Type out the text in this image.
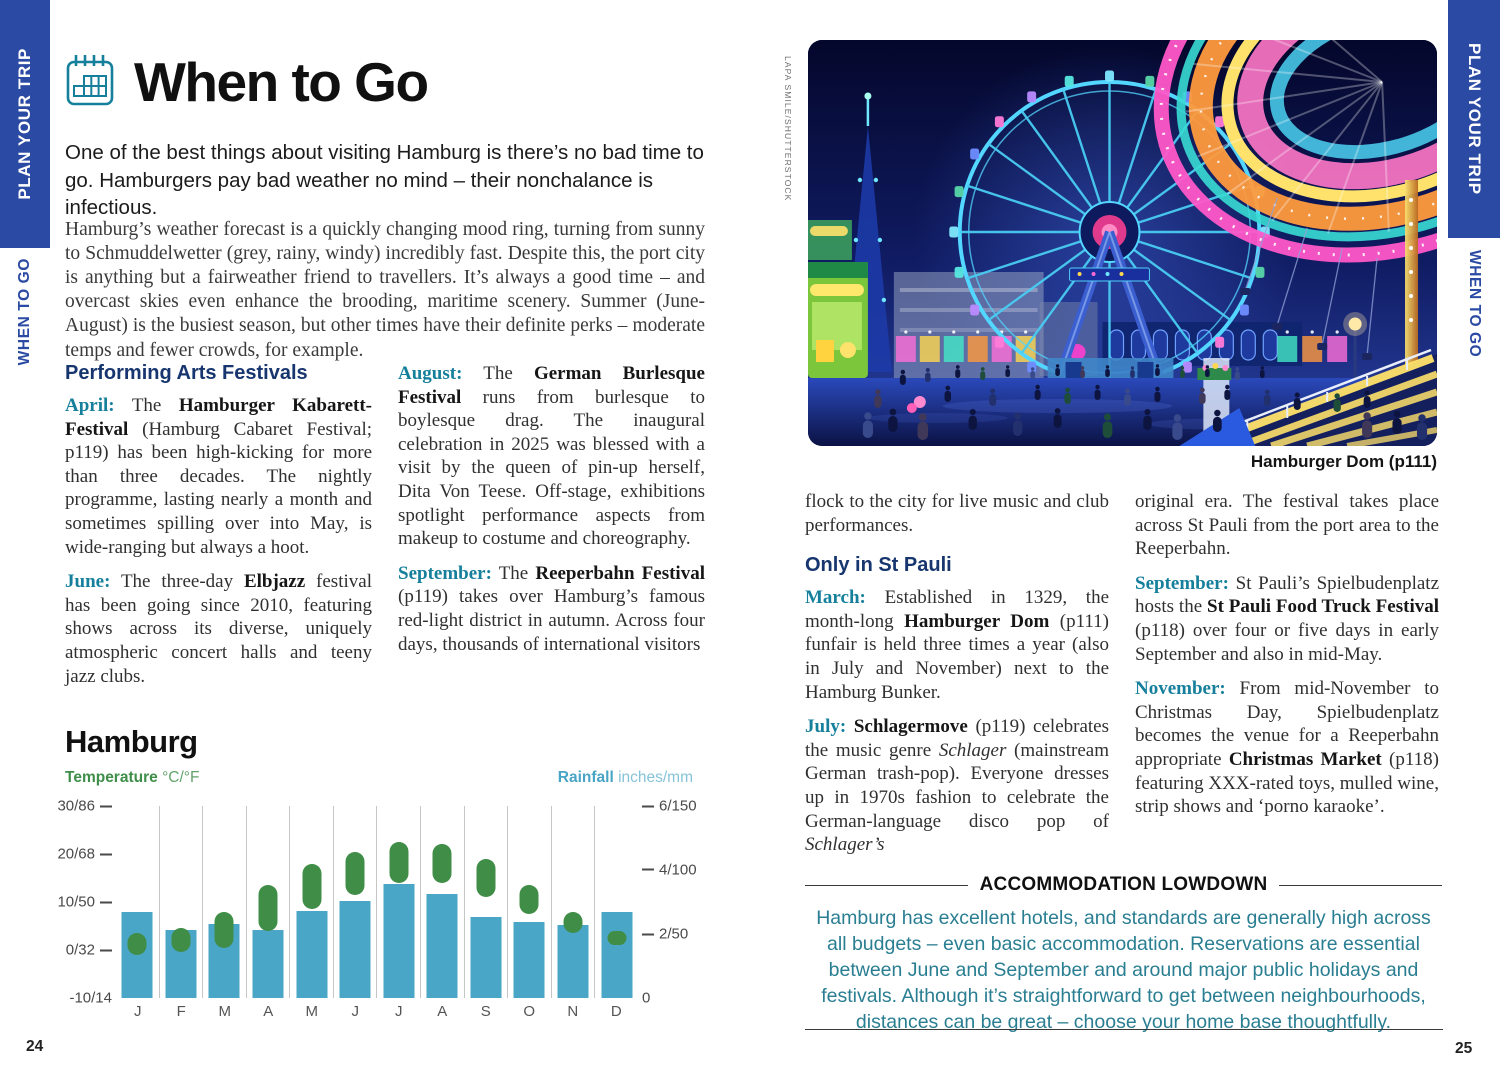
PLAN YOUR TRIP
WHEN TO GO
PLAN YOUR TRIP
WHEN TO GO
When to Go
One of the best things about visiting Hamburg is there’s no bad time to go. Hamburgers pay bad weather no mind – their nonchalance is infectious.

Hamburg’s weather forecast is a quickly changing mood ring, turning from sunny to Schmuddelwetter (grey, rainy, windy) incredibly fast. Despite this, the port city is anything but a fairweather friend to travellers. It’s always a good time – and overcast skies even enhance the brooding, maritime scenery. Summer (June-August) is the busiest season, but other times have their definite perks – moderate temps and fewer crowds, for example.

Performing Arts Festivals

April: The Hamburger Kabarett-Festival (Hamburg Cabaret Festival; p119) has been high-kicking for more than three decades. The nightly programme, lasting nearly a month and sometimes spilling over into May, is wide-ranging but always a hoot.

June: The three-day Elbjazz festival has been going since 2010, featuring shows across its diverse, uniquely atmospheric concert halls and teeny jazz clubs.

August: The German Burlesque Festival runs from burlesque to boylesque drag. The inaugural celebration in 2025 was blessed with a visit by the queen of pin-up herself, Dita Von Teese. Off-stage, exhibitions spotlight performance aspects from makeup to costume and choreography.

September: The Reeperbahn Festival (p119) takes over Hamburg’s famous red-light district in autumn. Across four days, thousands of international visitors

Hamburg
Temperature °C/°F	Rainfall inches/mm
30/86
20/68
10/50
0/32
-10/14
6/150
4/100
2/50
0
J	F	M	A	M	J	J	A	S	O	N	D
24
LAPA SMILE/SHUTTERSTOCK
Hamburger Dom (p111)

flock to the city for live music and club performances.

Only in St Pauli

March: Established in 1329, the month-long Hamburger Dom (p111) funfair is held three times a year (also in July and November) next to the Hamburg Bunker.

July: Schlagermove (p119) celebrates the music genre Schlager (mainstream German trash-pop). Everyone dresses up in 1970s fashion to celebrate the German-language disco pop of Schlager’s

original era. The festival takes place across St Pauli from the port area to the Reeperbahn.

September: St Pauli’s Spielbudenplatz hosts the St Pauli Food Truck Festival (p118) over four or five days in early September and also in mid-May.

November: From mid-November to Christmas Day, Spielbudenplatz becomes the venue for a Reeperbahn appropriate Christmas Market (p118) featuring XXX-rated toys, mulled wine, strip shows and ‘porno karaoke’.

ACCOMMODATION LOWDOWN
Hamburg has excellent hotels, and standards are generally high across all budgets – even basic accommodation. Reservations are essential between June and September and around major public holidays and festivals. Although it’s straightforward to get between neighbourhoods, distances can be great – choose your home base thoughtfully.
25
